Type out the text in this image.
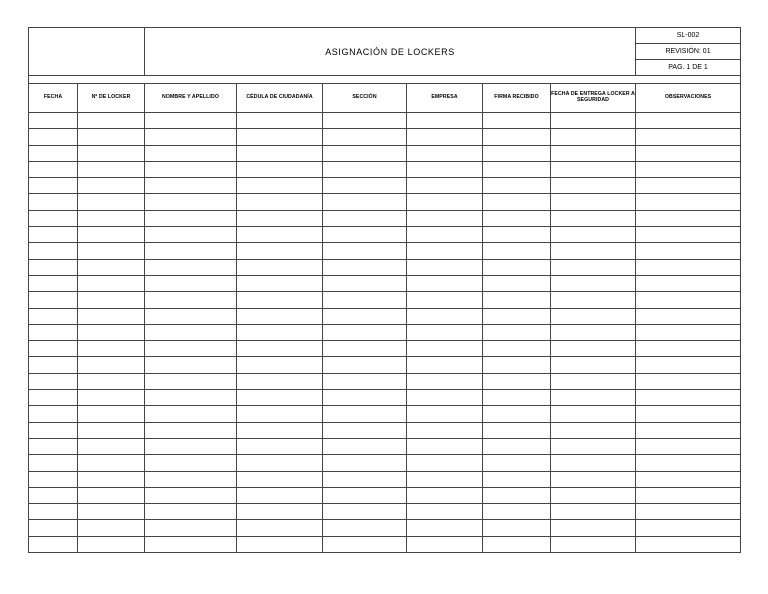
		ASIGNACIÓN DE LOCKERS						SL-002
								REVISIÓN: 01
								PAG. 1 DE 1

FECHA	Nº DE LOCKER	NOMBRE Y APELLIDO	CÉDULA DE CIUDADANÍA	SECCIÓN	EMPRESA	FIRMA RECIBIDO	FECHA DE ENTREGA LOCKER A SEGURIDAD	OBSERVACIONES
